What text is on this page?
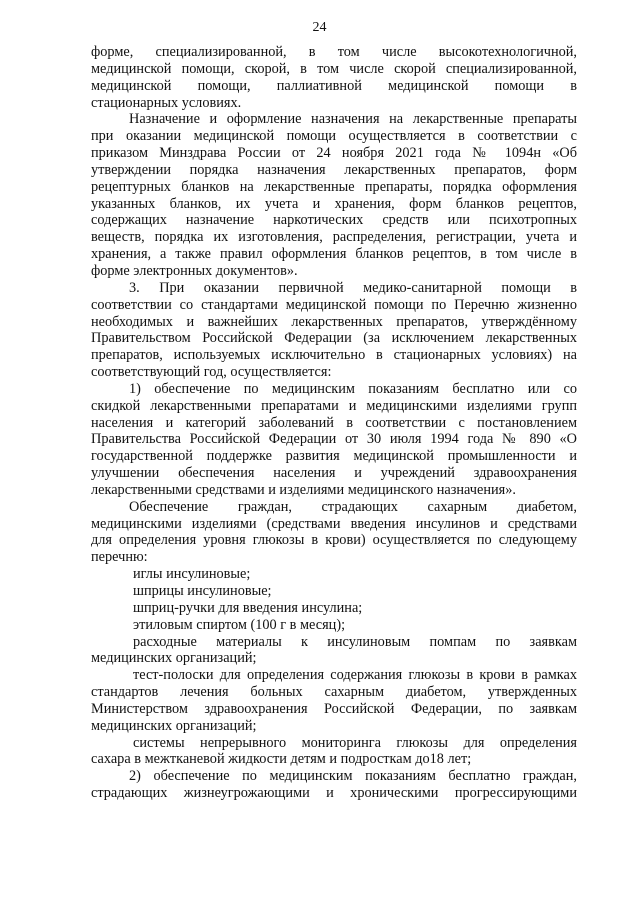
24
форме, специализированной, в том числе высокотехнологичной,
медицинской помощи, скорой, в том числе скорой специализированной,
медицинской помощи, паллиативной медицинской помощи в
стационарных условиях.
Назначение и оформление назначения на лекарственные препараты
при оказании медицинской помощи осуществляется в соответствии с
приказом Минздрава России от 24 ноября 2021 года № 1094н «Об
утверждении порядка назначения лекарственных препаратов, форм
рецептурных бланков на лекарственные препараты, порядка оформления
указанных бланков, их учета и хранения, форм бланков рецептов,
содержащих назначение наркотических средств или психотропных
веществ, порядка их изготовления, распределения, регистрации, учета и
хранения, а также правил оформления бланков рецептов, в том числе в
форме электронных документов».
3. При оказании первичной медико-санитарной помощи в
соответствии со стандартами медицинской помощи по Перечню жизненно
необходимых и важнейших лекарственных препаратов, утверждённому
Правительством Российской Федерации (за исключением лекарственных
препаратов, используемых исключительно в стационарных условиях) на
соответствующий год, осуществляется:
1) обеспечение по медицинским показаниям бесплатно или со
скидкой лекарственными препаратами и медицинскими изделиями групп
населения и категорий заболеваний в соответствии с постановлением
Правительства Российской Федерации от 30 июля 1994 года № 890 «О
государственной поддержке развития медицинской промышленности и
улучшении обеспечения населения и учреждений здравоохранения
лекарственными средствами и изделиями медицинского назначения».
Обеспечение граждан, страдающих сахарным диабетом,
медицинскими изделиями (средствами введения инсулинов и средствами
для определения уровня глюкозы в крови) осуществляется по следующему
перечню:
иглы инсулиновые;
шприцы инсулиновые;
шприц-ручки для введения инсулина;
этиловым спиртом (100 г в месяц);
расходные материалы к инсулиновым помпам по заявкам
медицинских организаций;
тест-полоски для определения содержания глюкозы в крови в рамках
стандартов лечения больных сахарным диабетом, утвержденных
Министерством здравоохранения Российской Федерации, по заявкам
медицинских организаций;
системы непрерывного мониторинга глюкозы для определения
сахара в межтканевой жидкости детям и подросткам до18 лет;
2) обеспечение по медицинским показаниям бесплатно граждан,
страдающих жизнеугрожающими и хроническими прогрессирующими
